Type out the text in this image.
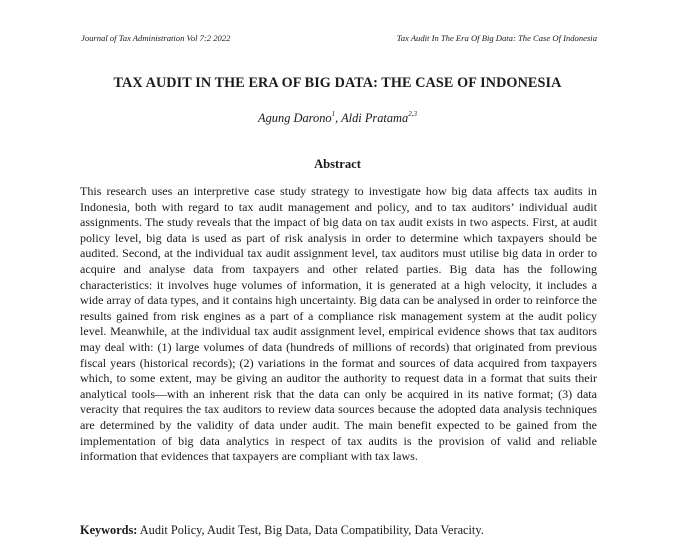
Journal of Tax Administration Vol 7:2 2022	Tax Audit In The Era Of Big Data: The Case Of Indonesia
TAX AUDIT IN THE ERA OF BIG DATA: THE CASE OF INDONESIA
Agung Darono$^1$, Aldi Pratama$^{2,3}$
Abstract
This research uses an interpretive case study strategy to investigate how big data affects tax audits in Indonesia, both with regard to tax audit management and policy, and to tax auditors’ individual audit assignments. The study reveals that the impact of big data on tax audit exists in two aspects. First, at audit policy level, big data is used as part of risk analysis in order to determine which taxpayers should be audited. Second, at the individual tax audit assignment level, tax auditors must utilise big data in order to acquire and analyse data from taxpayers and other related parties. Big data has the following characteristics: it involves huge volumes of information, it is generated at a high velocity, it includes a wide array of data types, and it contains high uncertainty. Big data can be analysed in order to reinforce the results gained from risk engines as a part of a compliance risk management system at the audit policy level. Meanwhile, at the individual tax audit assignment level, empirical evidence shows that tax auditors may deal with: (1) large volumes of data (hundreds of millions of records) that originated from previous fiscal years (historical records); (2) variations in the format and sources of data acquired from taxpayers which, to some extent, may be giving an auditor the authority to request data in a format that suits their analytical tools—with an inherent risk that the data can only be acquired in its native format; (3) data veracity that requires the tax auditors to review data sources because the adopted data analysis techniques are determined by the validity of data under audit. The main benefit expected to be gained from the implementation of big data analytics in respect of tax audits is the provision of valid and reliable information that evidences that taxpayers are compliant with tax laws.
Keywords: Audit Policy, Audit Test, Big Data, Data Compatibility, Data Veracity.
